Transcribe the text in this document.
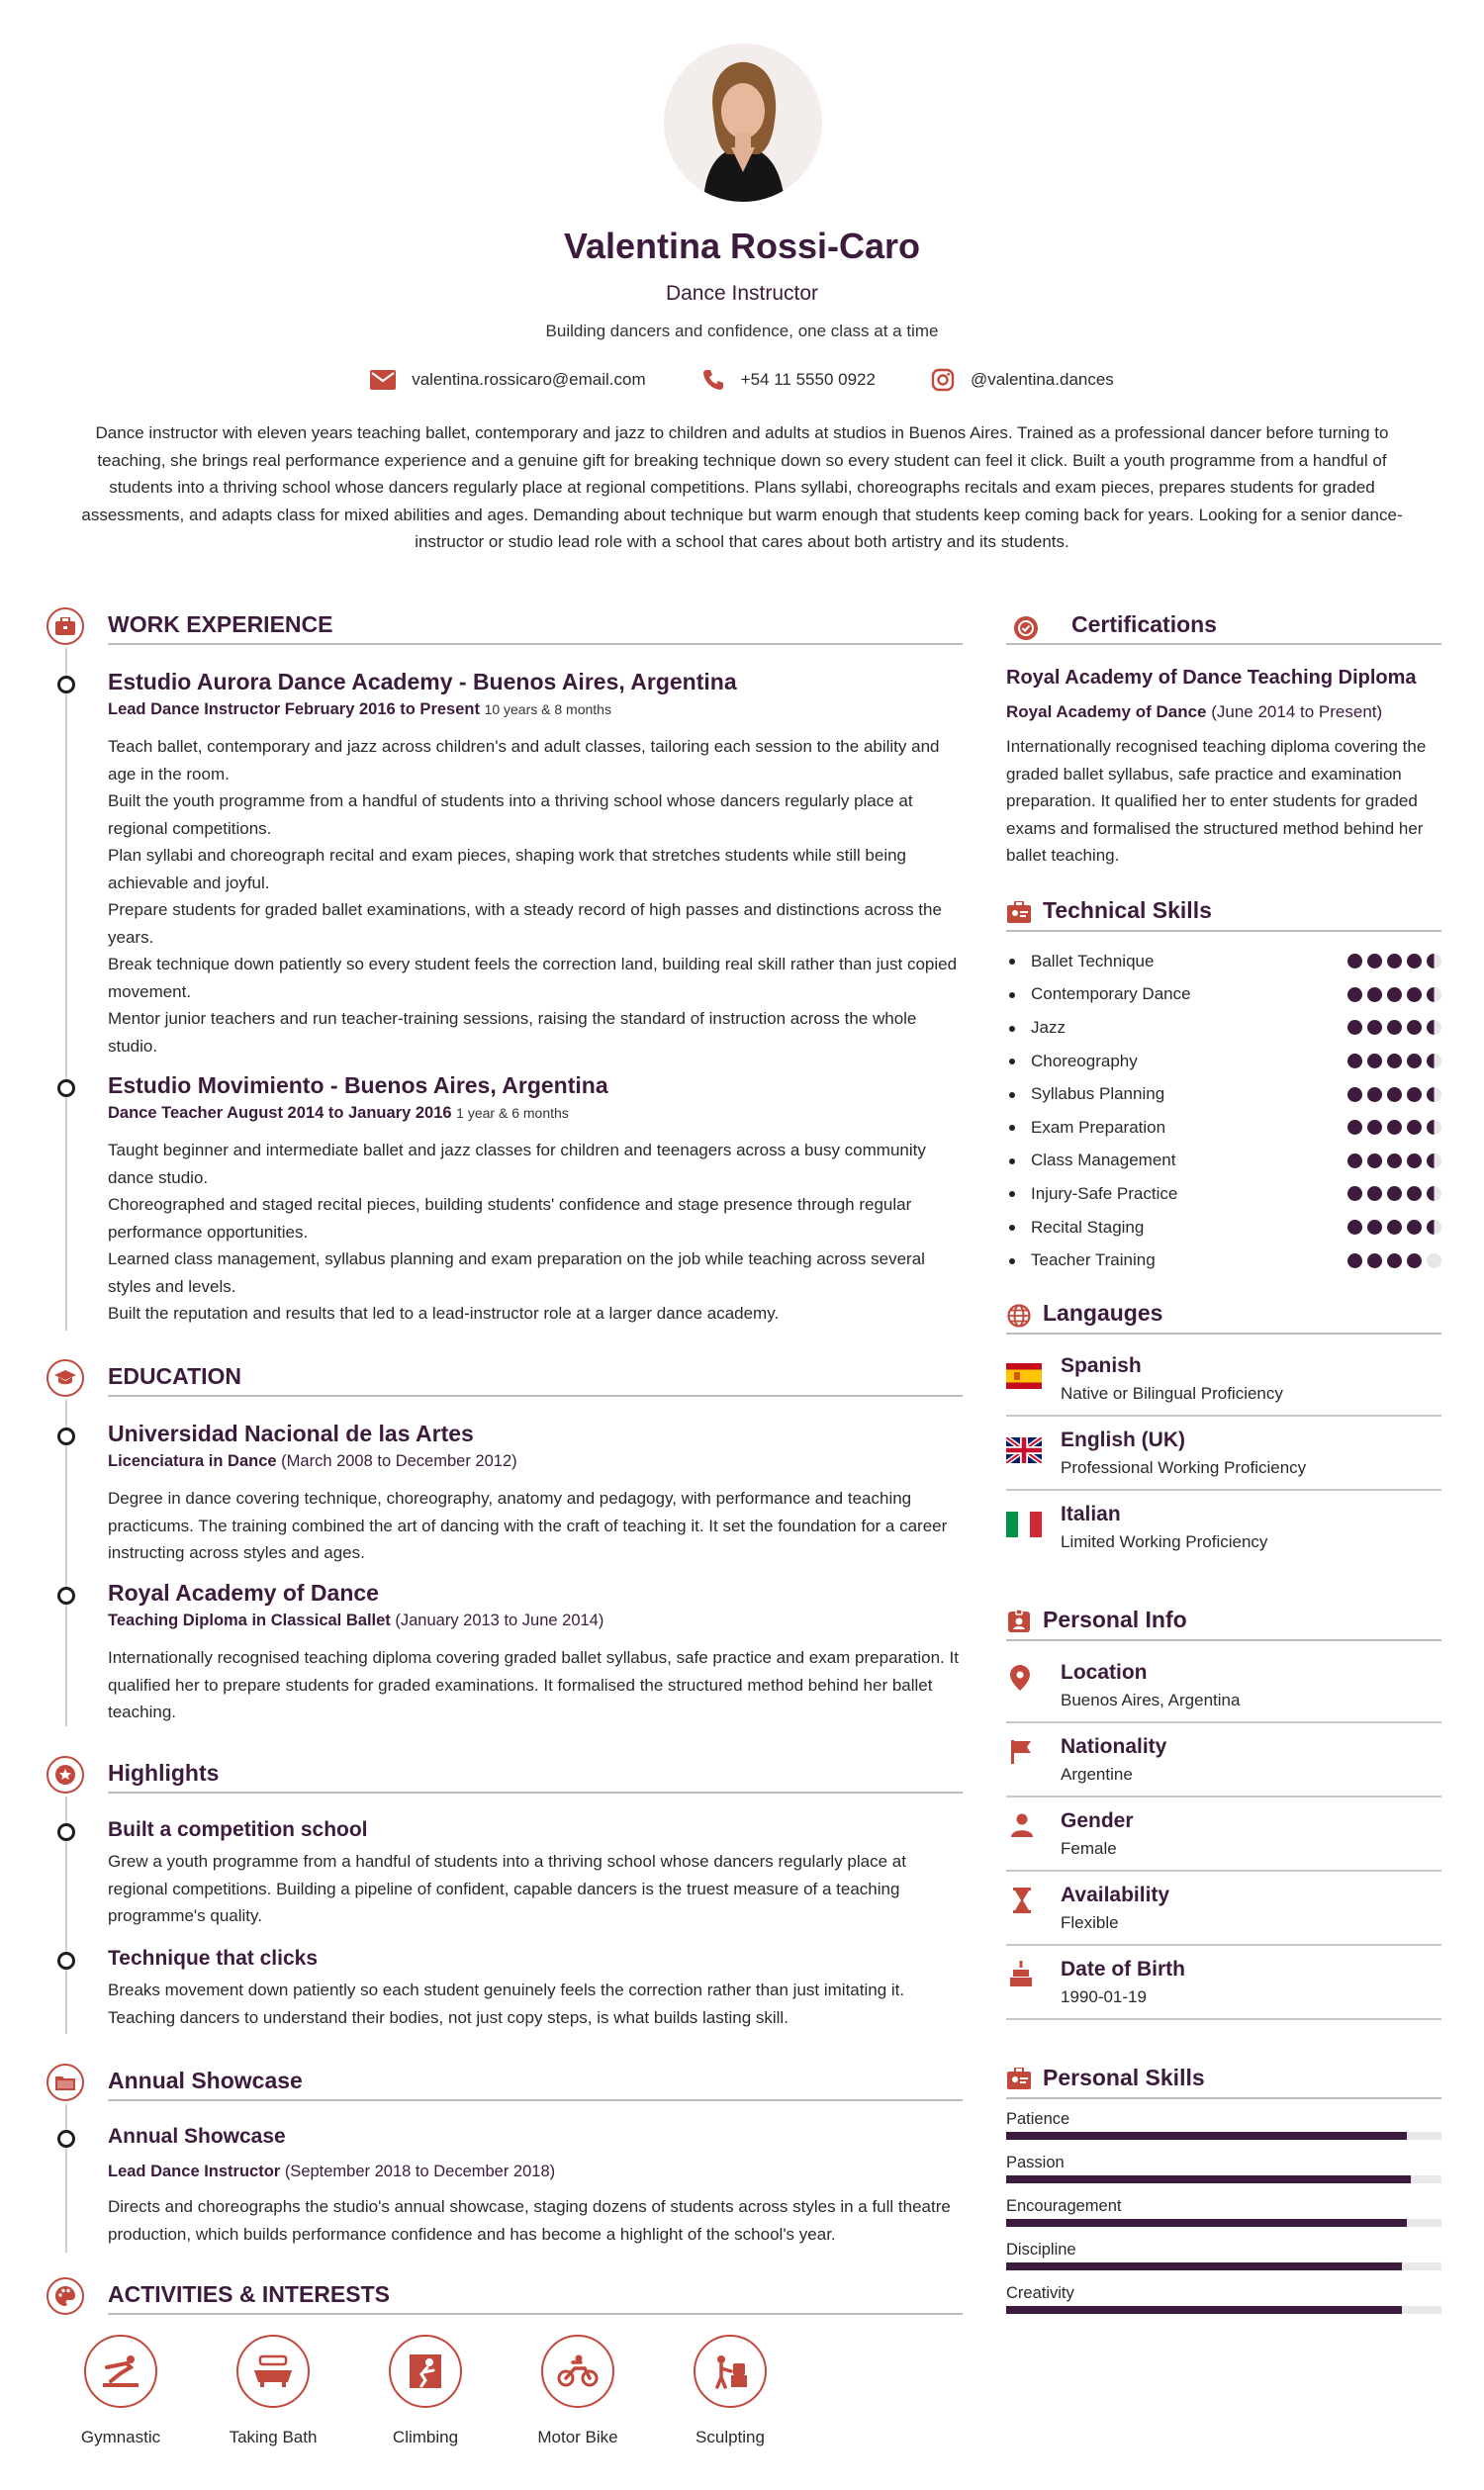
Valentina Rossi-Caro
Dance Instructor
Building dancers and confidence, one class at a time
valentina.rossicaro@email.com	+54 11 5550 0922	@valentina.dances
Dance instructor with eleven years teaching ballet, contemporary and jazz to children and adults at studios in Buenos Aires. Trained as a professional dancer before turning to teaching, she brings real performance experience and a genuine gift for breaking technique down so every student can feel it click. Built a youth programme from a handful of students into a thriving school whose dancers regularly place at regional competitions. Plans syllabi, choreographs recitals and exam pieces, prepares students for graded assessments, and adapts class for mixed abilities and ages. Demanding about technique but warm enough that students keep coming back for years. Looking for a senior dance-instructor or studio lead role with a school that cares about both artistry and its students.
WORK EXPERIENCE
Estudio Aurora Dance Academy - Buenos Aires, Argentina
Lead Dance Instructor February 2016 to Present 10 years & 8 months
Teach ballet, contemporary and jazz across children's and adult classes, tailoring each session to the ability and age in the room.
Built the youth programme from a handful of students into a thriving school whose dancers regularly place at regional competitions.
Plan syllabi and choreograph recital and exam pieces, shaping work that stretches students while still being achievable and joyful.
Prepare students for graded ballet examinations, with a steady record of high passes and distinctions across the years.
Break technique down patiently so every student feels the correction land, building real skill rather than just copied movement.
Mentor junior teachers and run teacher-training sessions, raising the standard of instruction across the whole studio.
Estudio Movimiento - Buenos Aires, Argentina
Dance Teacher August 2014 to January 2016 1 year & 6 months
Taught beginner and intermediate ballet and jazz classes for children and teenagers across a busy community dance studio.
Choreographed and staged recital pieces, building students' confidence and stage presence through regular performance opportunities.
Learned class management, syllabus planning and exam preparation on the job while teaching across several styles and levels.
Built the reputation and results that led to a lead-instructor role at a larger dance academy.
EDUCATION
Universidad Nacional de las Artes
Licenciatura in Dance (March 2008 to December 2012)
Degree in dance covering technique, choreography, anatomy and pedagogy, with performance and teaching practicums. The training combined the art of dancing with the craft of teaching it. It set the foundation for a career instructing across styles and ages.
Royal Academy of Dance
Teaching Diploma in Classical Ballet (January 2013 to June 2014)
Internationally recognised teaching diploma covering graded ballet syllabus, safe practice and exam preparation. It qualified her to prepare students for graded examinations. It formalised the structured method behind her ballet teaching.
Highlights
Built a competition school
Grew a youth programme from a handful of students into a thriving school whose dancers regularly place at regional competitions. Building a pipeline of confident, capable dancers is the truest measure of a teaching programme's quality.
Technique that clicks
Breaks movement down patiently so each student genuinely feels the correction rather than just imitating it. Teaching dancers to understand their bodies, not just copy steps, is what builds lasting skill.
Annual Showcase
Annual Showcase
Lead Dance Instructor (September 2018 to December 2018)
Directs and choreographs the studio's annual showcase, staging dozens of students across styles in a full theatre production, which builds performance confidence and has become a highlight of the school's year.
ACTIVITIES & INTERESTS
Gymnastic	Taking Bath	Climbing	Motor Bike	Sculpting
Certifications
Royal Academy of Dance Teaching Diploma
Royal Academy of Dance (June 2014 to Present)
Internationally recognised teaching diploma covering the graded ballet syllabus, safe practice and examination preparation. It qualified her to enter students for graded exams and formalised the structured method behind her ballet teaching.
Technical Skills
Ballet Technique
Contemporary Dance
Jazz
Choreography
Syllabus Planning
Exam Preparation
Class Management
Injury-Safe Practice
Recital Staging
Teacher Training
Langauges
Spanish
Native or Bilingual Proficiency
English (UK)
Professional Working Proficiency
Italian
Limited Working Proficiency
Personal Info
Location
Buenos Aires, Argentina
Nationality
Argentine
Gender
Female
Availability
Flexible
Date of Birth
1990-01-19
Personal Skills
Patience
Passion
Encouragement
Discipline
Creativity
